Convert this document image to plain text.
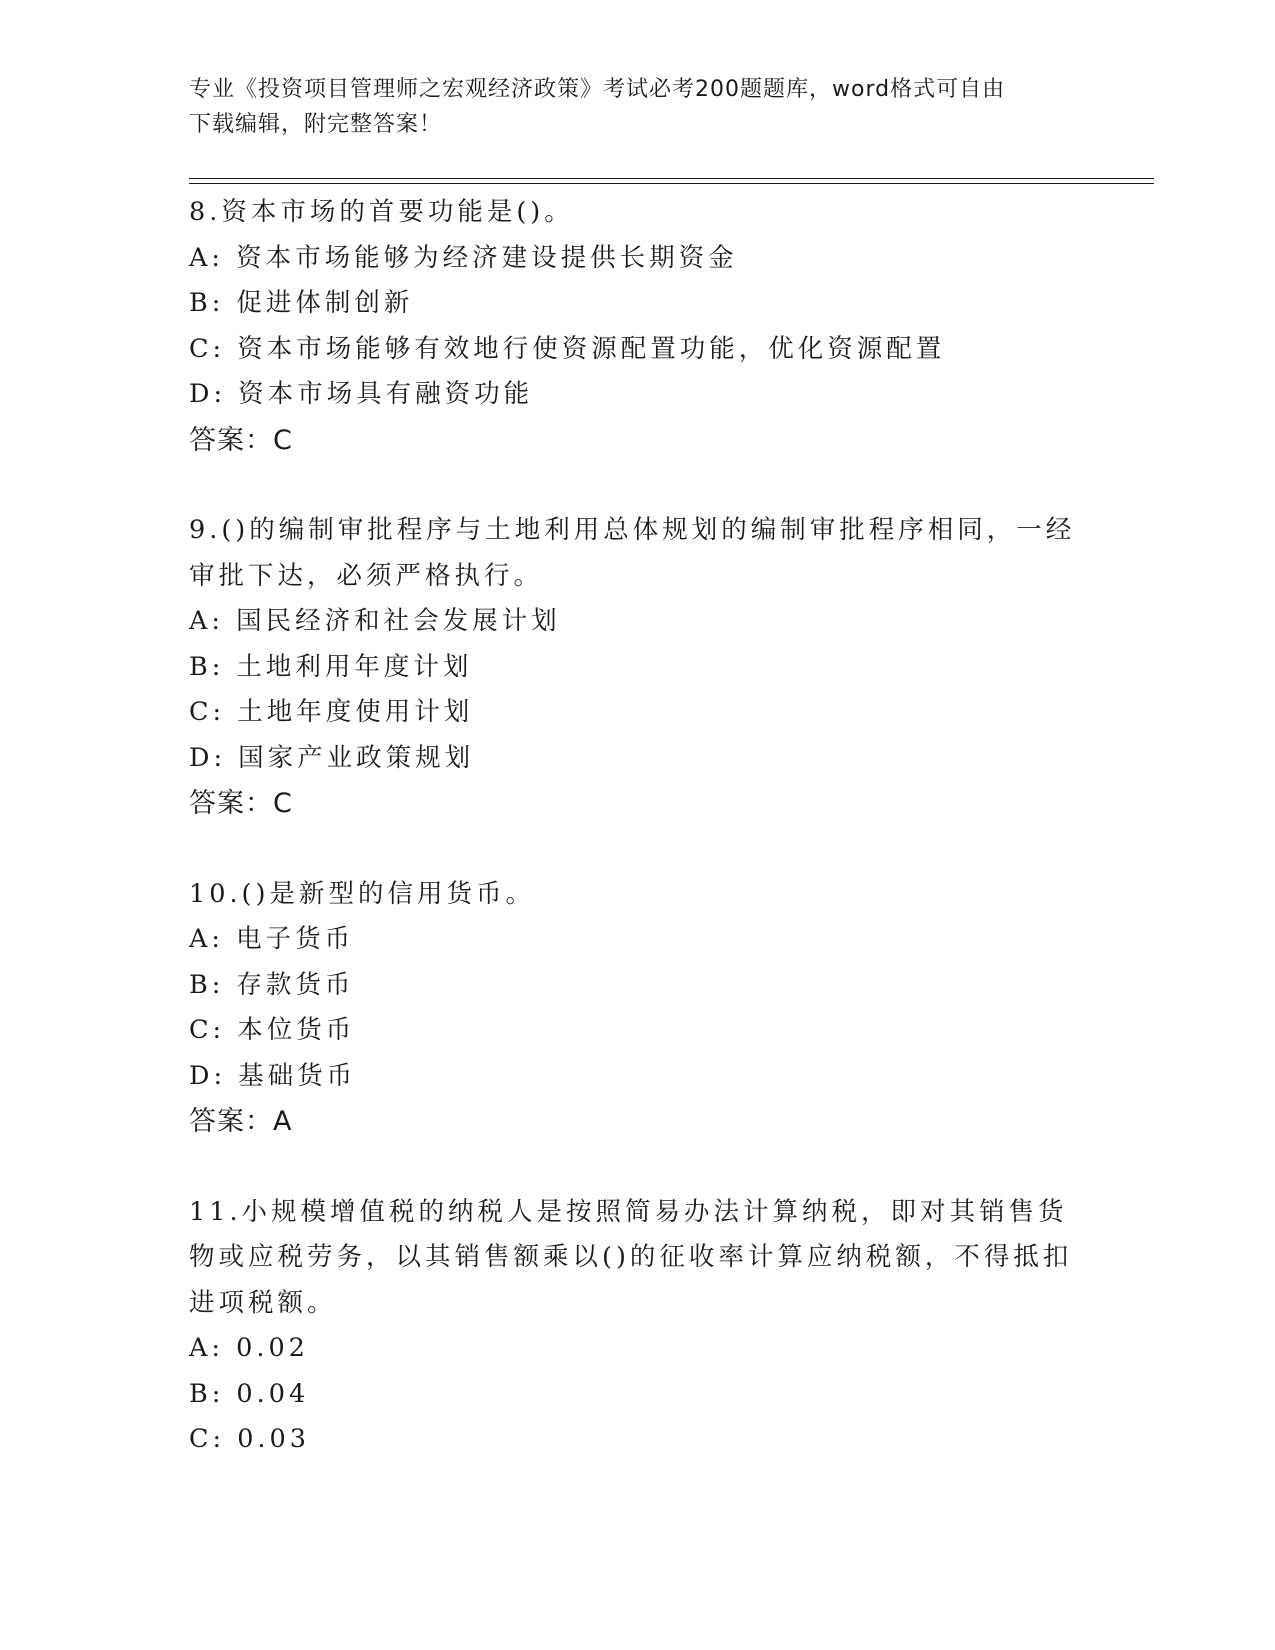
专业《投资项目管理师之宏观经济政策》考试必考200题题库，word格式可自由
下载编辑，附完整答案！
8.资本市场的首要功能是()。
A: 资本市场能够为经济建设提供长期资金
B: 促进体制创新
C: 资本市场能够有效地行使资源配置功能，优化资源配置
D: 资本市场具有融资功能
答案：C
9.()的编制审批程序与土地利用总体规划的编制审批程序相同，一经审批下达，必须严格执行。
A: 国民经济和社会发展计划
B: 土地利用年度计划
C: 土地年度使用计划
D: 国家产业政策规划
答案：C
10.()是新型的信用货币。
A: 电子货币
B: 存款货币
C: 本位货币
D: 基础货币
答案：A
11.小规模增值税的纳税人是按照简易办法计算纳税，即对其销售货物或应税劳务，以其销售额乘以()的征收率计算应纳税额，不得抵扣进项税额。
A: 0.02
B: 0.04
C: 0.03
